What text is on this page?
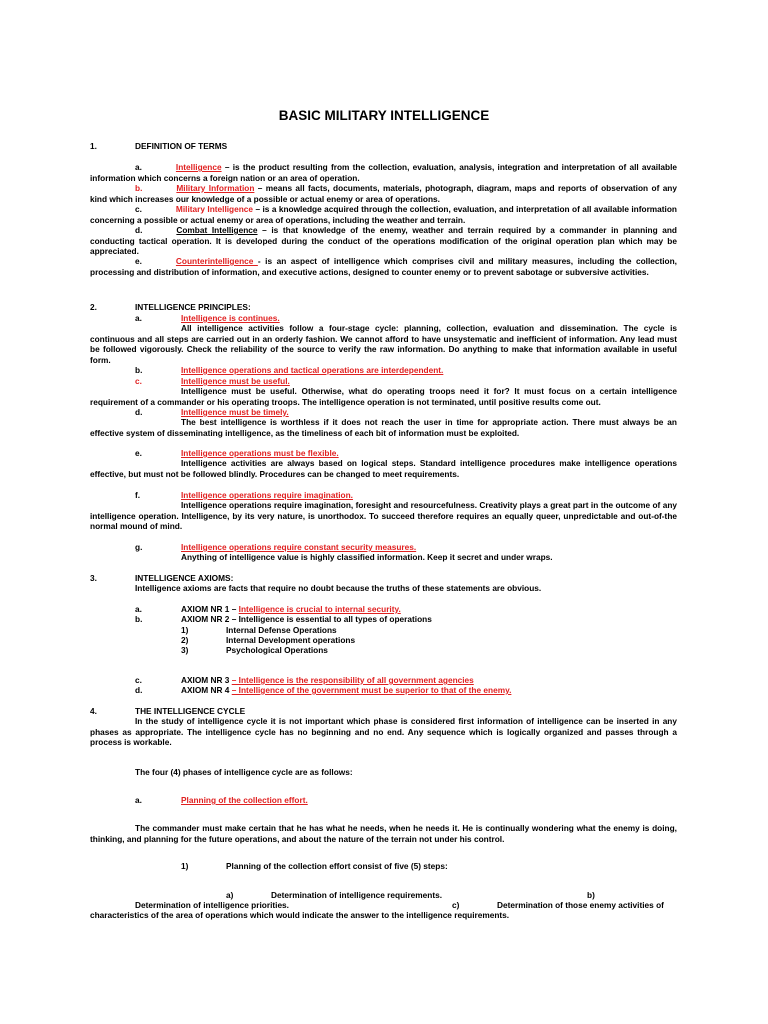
BASIC MILITARY INTELLIGENCE

1.	DEFINITION OF TERMS

a.	Intelligence – is the product resulting from the collection, evaluation, analysis, integration and interpretation of all available information which concerns a foreign nation or an area of operation.

b.	Military Information – means all facts, documents, materials, photograph, diagram, maps and reports of observation of any kind which increases our knowledge of a possible or actual enemy or area of operations.

c.	Military Intelligence – is a knowledge acquired through the collection, evaluation, and interpretation of all available information concerning a possible or actual enemy or area of operations, including the weather and terrain.

d.	Combat Intelligence – is that knowledge of the enemy, weather and terrain required by a commander in planning and conducting tactical operation. It is developed during the conduct of the operations modification of the original operation plan which may be appreciated.

e.	Counterintelligence - is an aspect of intelligence which comprises civil and military measures, including the collection, processing and distribution of information, and executive actions, designed to counter enemy or to prevent sabotage or subversive activities.

2.	INTELLIGENCE PRINCIPLES:

a.	Intelligence is continues.

All intelligence activities follow a four-stage cycle: planning, collection, evaluation and dissemination. The cycle is continuous and all steps are carried out in an orderly fashion. We cannot afford to have unsystematic and inefficient of information. Any lead must be followed vigorously. Check the reliability of the source to verify the raw information. Do anything to make that information available in useful form.

b.	Intelligence operations and tactical operations are interdependent.

c.	Intelligence must be useful.

Intelligence must be useful. Otherwise, what do operating troops need it for? It must focus on a certain intelligence requirement of a commander or his operating troops. The intelligence operation is not terminated, until positive results come out.

d.	Intelligence must be timely.

The best intelligence is worthless if it does not reach the user in time for appropriate action. There must always be an effective system of disseminating intelligence, as the timeliness of each bit of information must be exploited.

e.	Intelligence operations must be flexible.

Intelligence activities are always based on logical steps. Standard intelligence procedures make intelligence operations effective, but must not be followed blindly. Procedures can be changed to meet requirements.

f.	Intelligence operations require imagination.

Intelligence operations require imagination, foresight and resourcefulness. Creativity plays a great part in the outcome of any intelligence operation. Intelligence, by its very nature, is unorthodox. To succeed therefore requires an equally queer, unpredictable and out-of-the normal mound of mind.

g.	Intelligence operations require constant security measures.

Anything of intelligence value is highly classified information. Keep it secret and under wraps.

3.	INTELLIGENCE AXIOMS:

Intelligence axioms are facts that require no doubt because the truths of these statements are obvious.

a.	AXIOM NR 1 – Intelligence is crucial to internal security.

b.	AXIOM NR 2 – Intelligence is essential to all types of operations

1)	Internal Defense Operations

2)	Internal Development operations

3)	Psychological Operations

c.	AXIOM NR 3 – Intelligence is the responsibility of all government agencies

d.	AXIOM NR 4 – Intelligence of the government must be superior to that of the enemy.

4.	THE INTELLIGENCE CYCLE

In the study of intelligence cycle it is not important which phase is considered first information of intelligence can be inserted in any phases as appropriate. The intelligence cycle has no beginning and no end. Any sequence which is logically organized and passes through a process is workable.

The four (4) phases of intelligence cycle are as follows:

a.	Planning of the collection effort.

The commander must make certain that he has what he needs, when he needs it. He is continually wondering what the enemy is doing, thinking, and planning for the future operations, and about the nature of the terrain not under his control.

1)	Planning of the collection effort consist of five (5) steps:

a)	Determination of intelligence requirements.	b)

Determination of intelligence priorities.	c)	Determination of those enemy activities of

characteristics of the area of operations which would indicate the answer to the intelligence requirements.
